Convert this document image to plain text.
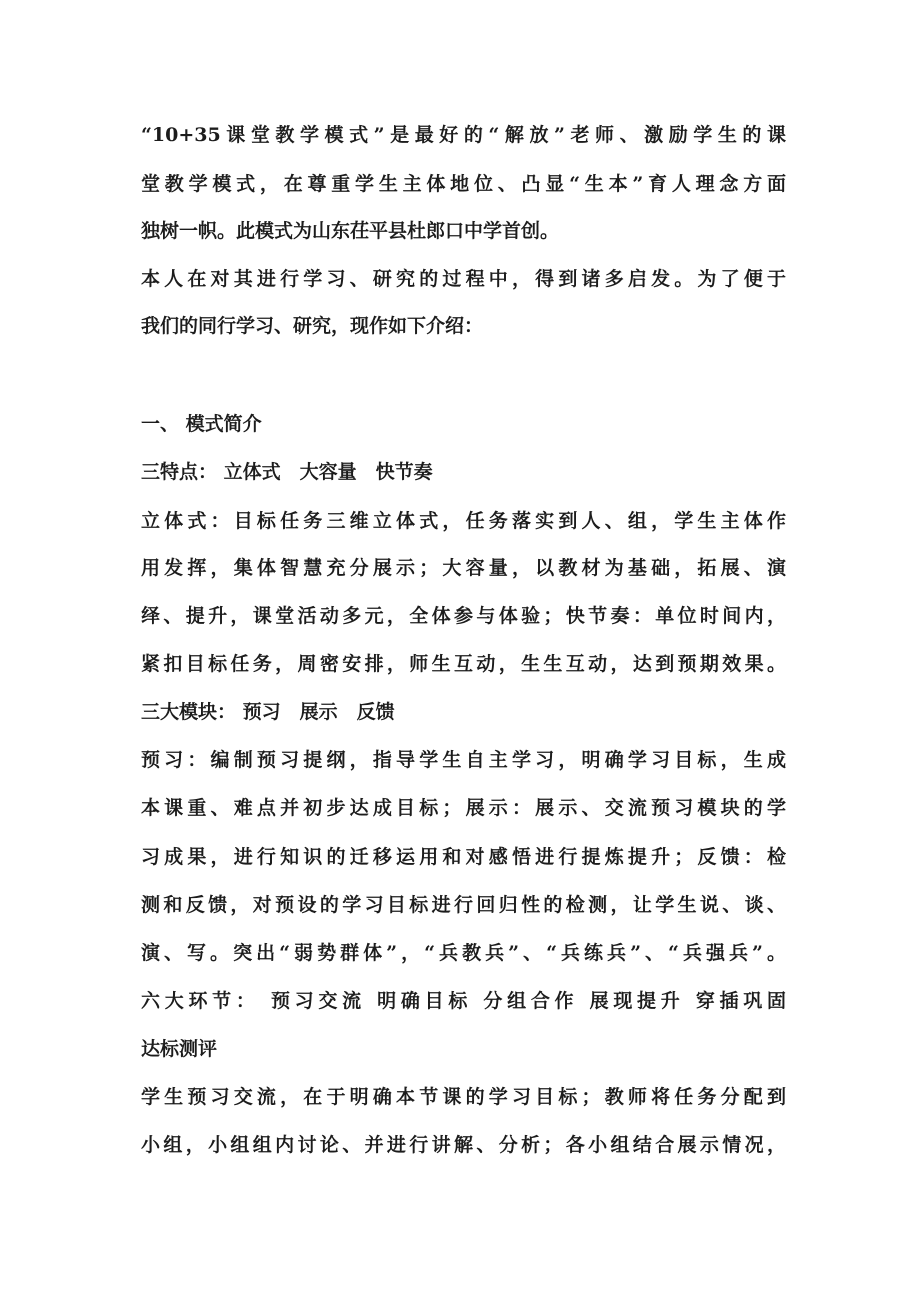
“10+35课堂教学模式”是最好的“解放”老师、激励学生的课
堂教学模式，在尊重学生主体地位、凸显“生本”育人理念方面
独树一帜。此模式为山东茌平县杜郎口中学首创。
本人在对其进行学习、研究的过程中，得到诸多启发。为了便于
我们的同行学习、研究，现作如下介绍：
一、 模式简介
三特点： 立体式　大容量　快节奏
立体式：目标任务三维立体式，任务落实到人、组，学生主体作
用发挥，集体智慧充分展示；大容量，以教材为基础，拓展、演
绎、提升，课堂活动多元，全体参与体验；快节奏：单位时间内，
紧扣目标任务，周密安排，师生互动，生生互动，达到预期效果。
三大模块： 预习　展示　反馈
预习：编制预习提纲，指导学生自主学习，明确学习目标，生成
本课重、难点并初步达成目标；展示：展示、交流预习模块的学
习成果，进行知识的迁移运用和对感悟进行提炼提升；反馈：检
测和反馈，对预设的学习目标进行回归性的检测，让学生说、谈、
演、写。突出“弱势群体”，“兵教兵”、“兵练兵”、“兵强兵”。
六大环节： 预习交流 明确目标 分组合作 展现提升 穿插巩固
达标测评
学生预习交流，在于明确本节课的学习目标；教师将任务分配到
小组，小组组内讨论、并进行讲解、分析；各小组结合展示情况，
